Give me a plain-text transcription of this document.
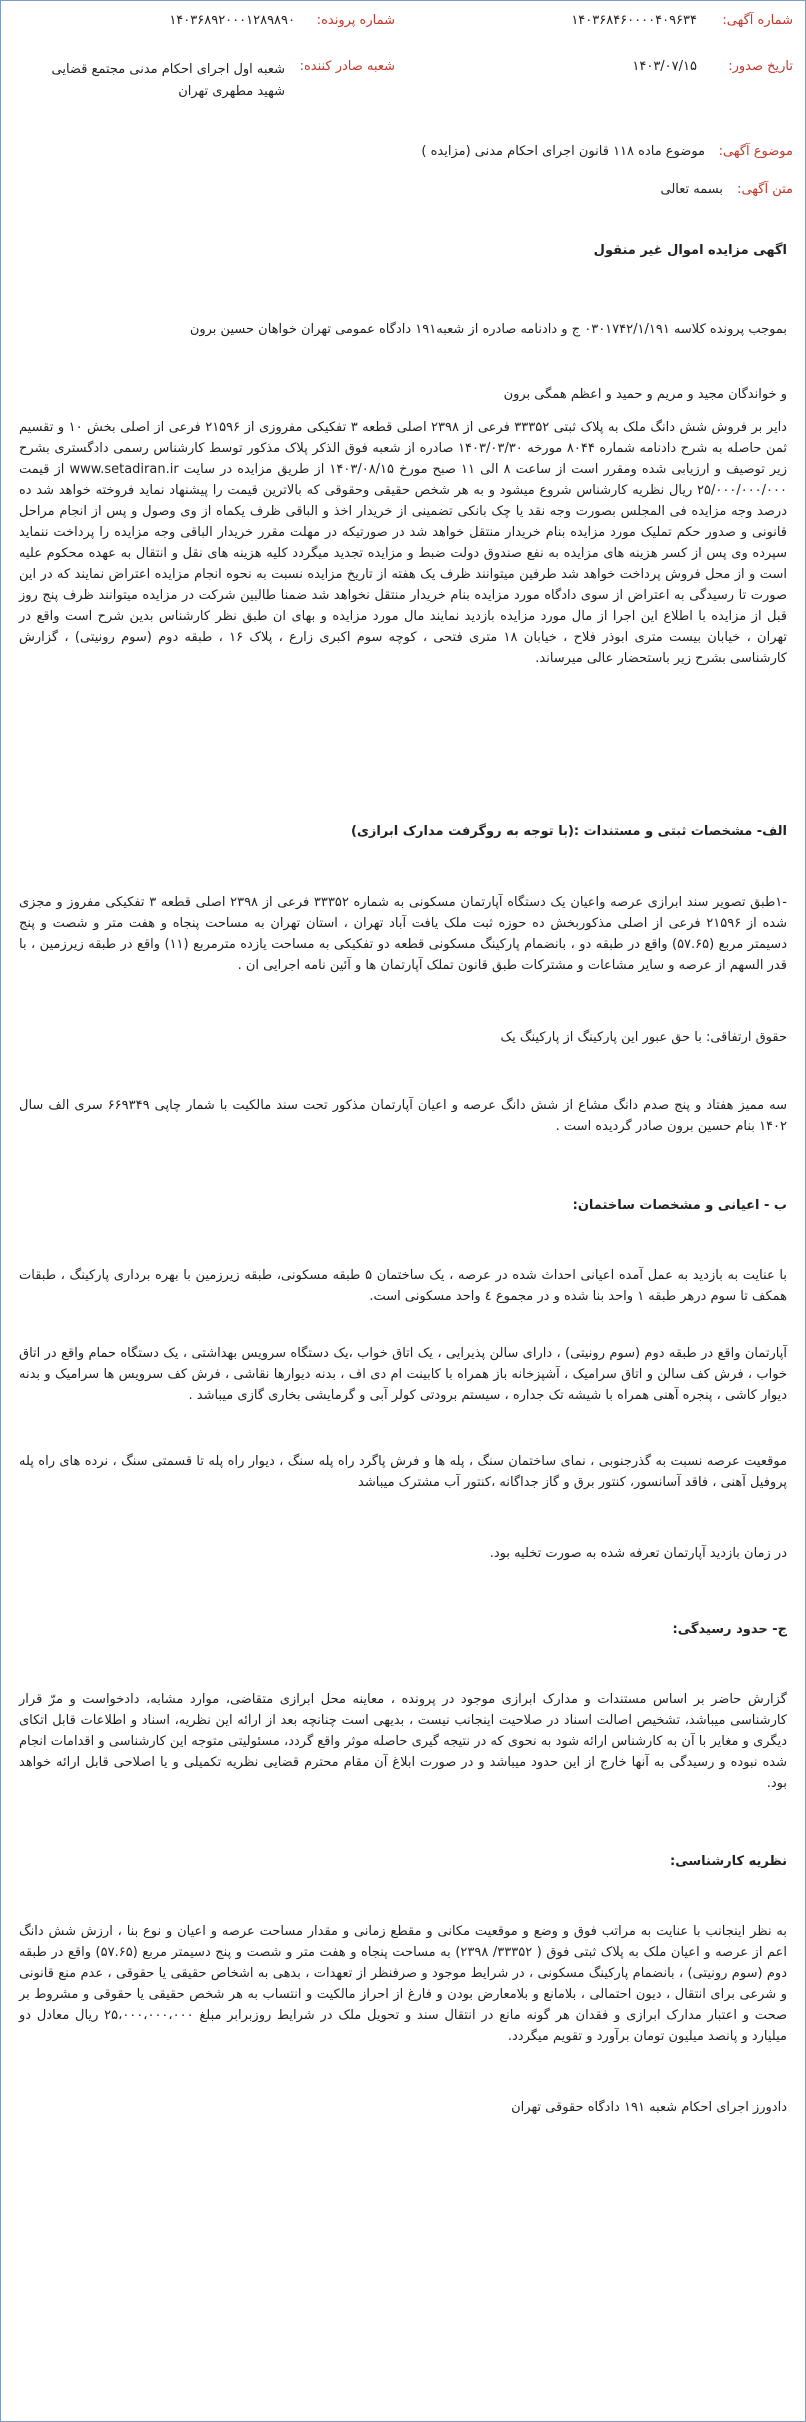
شماره آگهی:
۱۴۰۳۶۸۴۶۰۰۰۰۴۰۹۶۳۴
شماره پرونده:
۱۴۰۳۶۸۹۲۰۰۰۱۲۸۹۸۹۰
تاریخ صدور:
۱۴۰۳/۰۷/۱۵
شعبه صادر کننده:
شعبه اول اجرای احکام مدنی مجتمع قضایی شهید مطهری تهران
موضوع آگهی:
موضوع ماده ۱۱۸ قانون اجرای احکام مدنی (مزایده )
متن آگهی:
بسمه تعالی
اگهی مزایده اموال غیر منقول
بموجب پرونده کلاسه ۰۳۰۱۷۴۲/۱/۱۹۱ ج و دادنامه صادره از شعبه۱۹۱ دادگاه عمومی تهران خواهان حسین برون
و خواندگان مجید و مریم و حمید و اعظم همگی برون
دایر بر فروش شش دانگ ملک به پلاک ثبتی ۳۳۳۵۲ فرعی از ۲۳۹۸ اصلی قطعه ۳ تفکیکی مفروزی از ۲۱۵۹۶ فرعی از اصلی بخش ۱۰ و تقسیم ثمن حاصله به شرح دادنامه شماره ۸۰۴۴ مورخه ۱۴۰۳/۰۳/۳۰ صادره از شعبه فوق الذکر پلاک مذکور توسط کارشناس رسمی دادگستری بشرح زیر توصیف و ارزیابی شده ومقرر است از ساعت ۸ الی ۱۱ صبح مورخ ۱۴۰۳/۰۸/۱۵ از طریق مزایده در سایت www.setadiran.ir از قیمت ۲۵/۰۰۰/۰۰۰/۰۰۰ ریال نظریه کارشناس شروع میشود و به هر شخص حقیقی وحقوقی که بالاترین قیمت را پیشنهاد نماید فروخته خواهد شد ده درصد وجه مزایده فی المجلس بصورت وجه نقد یا چک بانکی تضمینی از خریدار اخذ و الباقی ظرف یکماه از وی وصول و پس از انجام مراحل قانونی و صدور حکم تملیک مورد مزایده بنام خریدار منتقل خواهد شد در صورتیکه در مهلت مقرر خریدار الباقی وجه مزایده را پرداخت ننماید سپرده وی پس از کسر هزینه های مزایده به نفع صندوق دولت ضبط و مزایده تجدید میگردد کلیه هزینه های نقل و انتقال به عهده محکوم علیه است و از محل فروش پرداخت خواهد شد طرفین میتوانند ظرف یک هفته از تاریخ مزایده نسبت به نحوه انجام مزایده اعتراض نمایند که در این صورت تا رسیدگی به اعتراض از سوی دادگاه مورد مزایده بنام خریدار منتقل نخواهد شد ضمنا طالبین شرکت در مزایده میتوانند ظرف پنج روز قبل از مزایده با اطلاع این اجرا از مال مورد مزایده بازدید نمایند مال مورد مزایده و بهای ان طبق نظر کارشناس بدین شرح است واقع در تهران ، خیابان بیست متری ابوذر فلاح ، خیابان ۱۸ متری فتحی ، کوچه سوم اکبری زارع ، پلاک ۱۶ ، طبقه دوم (سوم رونیتی) ، گزارش کارشناسی بشرح زیر باستحضار عالی میرساند.
الف- مشخصات ثبتی و مستندات :(با توجه به روگرفت مدارک ابرازی)
-۱طبق تصویر سند ابرازی عرصه واعیان یک دستگاه آپارتمان مسکونی به شماره ۳۳۳۵۲ فرعی از ۲۳۹۸ اصلی قطعه ۳ تفکیکی مفروز و مجزی شده از ۲۱۵۹۶ فرعی از اصلی مذکوربخش ده حوزه ثبت ملک یافت آباد تهران ، استان تهران به مساحت پنجاه و هفت متر و شصت و پنج دسیمتر مربع (۵۷.۶۵) واقع در طبقه دو ، بانضمام پارکینگ مسکونی قطعه دو تفکیکی به مساحت یازده مترمربع (۱۱) واقع در طبقه زیرزمین ، با قدر السهم از عرصه و سایر مشاعات و مشترکات طبق قانون تملک آپارتمان ها و آئین نامه اجرایی ان .
حقوق ارتفاقی: با حق عبور این پارکینگ از پارکینگ یک
سه ممیز هفتاد و پنج صدم دانگ مشاع از شش دانگ عرصه و اعیان آپارتمان مذکور تحت سند مالکیت با شمار چاپی ۶۶۹۳۴۹ سری الف سال ۱۴۰۲ بنام حسین برون صادر گردیده است .
ب - اعیانی و مشخصات ساختمان:
با عنایت به بازدید به عمل آمده اعیانی احداث شده در عرصه ، یک ساختمان ۵ طبقه مسکونی، طبقه زیرزمین با بهره برداری پارکینگ ، طبقات همکف تا سوم درهر طبقه ۱ واحد بنا شده و در مجموع ٤ واحد مسکونی است.
آپارتمان واقع در طبقه دوم (سوم رونیتی) ، دارای سالن پذیرایی ، یک اتاق خواب ،یک دستگاه سرویس بهداشتی ، یک دستگاه حمام واقع در اتاق خواب ، فرش کف سالن و اتاق سرامیک ، آشپزخانه باز همراه با کابینت ام دی اف ، بدنه دیوارها نقاشی ، فرش کف سرویس ها سرامیک و بدنه دیوار کاشی ، پنجره آهنی همراه با شیشه تک جداره ، سیستم برودتی کولر آبی و گرمایشی بخاری گازی میباشد .
موقعیت عرصه نسبت به گذرجنوبی ، نمای ساختمان سنگ ، پله ها و فرش پاگرد راه پله سنگ ، دیوار راه پله تا قسمتی سنگ ، نرده های راه پله پروفیل آهنی ، فاقد آسانسور، کنتور برق و گاز جداگانه ،کنتور آب مشترک میباشد
در زمان بازدید آپارتمان تعرفه شده به صورت تخلیه بود.
ج- حدود رسیدگی:
گزارش حاضر بر اساس مستندات و مدارک ابرازی موجود در پرونده ، معاینه محل ابرازی متقاضی، موارد مشابه، دادخواست و مرّ قرار کارشناسی میباشد، تشخیص اصالت اسناد در صلاحیت اینجانب نیست ، بدیهی است چنانچه بعد از ارائه این نظریه، اسناد و اطلاعات قابل اتکای دیگری و مغایر با آن به کارشناس ارائه شود به نحوی که در نتیجه گیری حاصله موثر واقع گردد، مسئولیتی متوجه این کارشناسی و اقدامات انجام شده نبوده و رسیدگی به آنها خارج از این حدود میباشد و در صورت ابلاغ آن مقام محترم قضایی نظریه تکمیلی و یا اصلاحی قابل ارائه خواهد بود.
نظریه کارشناسی:
به نظر اینجانب با عنایت به مراتب فوق و وضع و موقعیت مکانی و مقطع زمانی و مقدار مساحت عرصه و اعیان و نوع بنا ، ارزش شش دانگ اعم از عرصه و اعیان ملک به پلاک ثبتی فوق ( ۳۳۳۵۲/ ۲۳۹۸) به مساحت پنجاه و هفت متر و شصت و پنج دسیمتر مربع (۵۷.۶۵) واقع در طبقه دوم (سوم رونیتی) ، بانضمام پارکینگ مسکونی ، در شرایط موجود و صرفنظر از تعهدات ، بدهی به اشخاص حقیقی یا حقوقی ، عدم منع قانونی و شرعی برای انتقال ، دیون احتمالی ، بلامانع و بلامعارض بودن و فارغ از احراز مالکیت و انتساب به هر شخص حقیقی یا حقوقی و مشروط بر صحت و اعتبار مدارک ابرازی و فقدان هر گونه مانع در انتقال سند و تحویل ملک در شرایط روزبرابر مبلغ ۲۵،۰۰۰،۰۰۰،۰۰۰ ریال معادل دو میلیارد و پانصد میلیون تومان برآورد و تقویم میگردد.
دادورز اجرای احکام شعبه ۱۹۱ دادگاه حقوقی تهران
